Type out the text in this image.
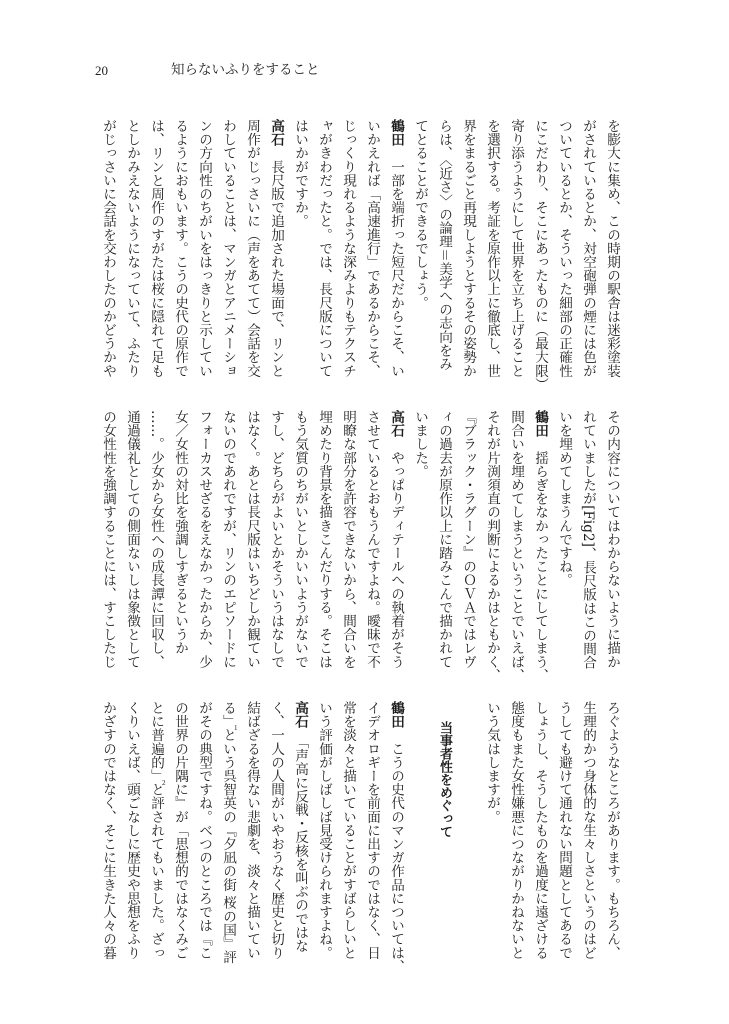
20	知らないふりをすること
を膨大に集め、この時期の駅舎は迷彩塗装
がされているとか、対空砲弾の煙には色が
ついているとか、そういった細部の正確性
にこだわり、そこにあったものに（最大限）
寄り添うようにして世界を立ち上げること
を選択する。考証を原作以上に徹底し、世
界をまるごと再現しようとするその姿勢か
らは、〈近さ〉の論理＝美学への志向をみ
てとることができるでしょう。
鶴田　一部を端折った短尺だからこそ、い
いかえれば「高速進行」であるからこそ、
じっくり現れるような深みよりもテクスチ
ャがきわだったと。では、長尺版について
はいかがですか。
高石　長尺版で追加された場面で、リンと
周作がじっさいに（声をあてて）会話を交
わしていることは、マンガとアニメーショ
ンの方向性のちがいをはっきりと示してい
るようにおもいます。こうの史代の原作で
は、リンと周作のすがたは桜に隠れて足も
としかみえないようになっていて、ふたり
がじっさいに会話を交わしたのかどうかや
その内容についてはわからないように描か
れていましたが[Fig2]、長尺版はこの間合
いを埋めてしまうんですね。
鶴田　揺らぎをなかったことにしてしまう、
間合いを埋めてしまうということでいえば、
それが片渕須直の判断によるかはともかく、
『ブラック・ラグーン』のＯＶＡではレヴ
ィの過去が原作以上に踏みこんで描かれて
いました。
高石　やっぱりディテールへの執着がそう
させているとおもうんですよね。曖昧で不
明瞭な部分を許容できないから、間合いを
埋めたり背景を描きこんだりする。そこは
もう気質のちがいとしかいいようがないで
すし、どちらがよいとかそういうはなしで
はなく。あとは長尺版はいちどしか観てい
ないのであれですが、リンのエピソードに
フォーカスせざるをえなかったからか、少
女／女性の対比を強調しすぎるというか
……。少女から女性への成長譚に回収し、
通過儀礼としての側面ないしは象徴として
の女性性を強調することには、すこしたじ
ろぐようなところがあります。もちろん、
生理的かつ身体的な生々しさというのはど
うしても避けて通れない問題としてあるで
しょうし、そうしたものを過度に遠ざける
態度もまた女性嫌悪につながりかねないと
いう気はしますが。
当事者性をめぐって
鶴田　こうの史代のマンガ作品については、
イデオロギーを前面に出すのではなく、日
常を淡々と描いていることがすばらしいと
いう評価がしばしば見受けられますよね。
高石　「声高に反戦・反核を叫ぶのではな
く、一人の人間がいやおうなく歴史と切り
結ばざるを得ない悲劇を、淡々と描いてい
る」
1
という呉智英の『夕凪の街 桜の国』評
がその典型ですね。べつのところでは『こ
の世界の片隅に』が「思想的ではなくみご
とに普遍的」
2
と評されてもいました。ざっ
くりいえば、頭ごなしに歴史や思想をふり
かざすのではなく、そこに生きた人々の暮
